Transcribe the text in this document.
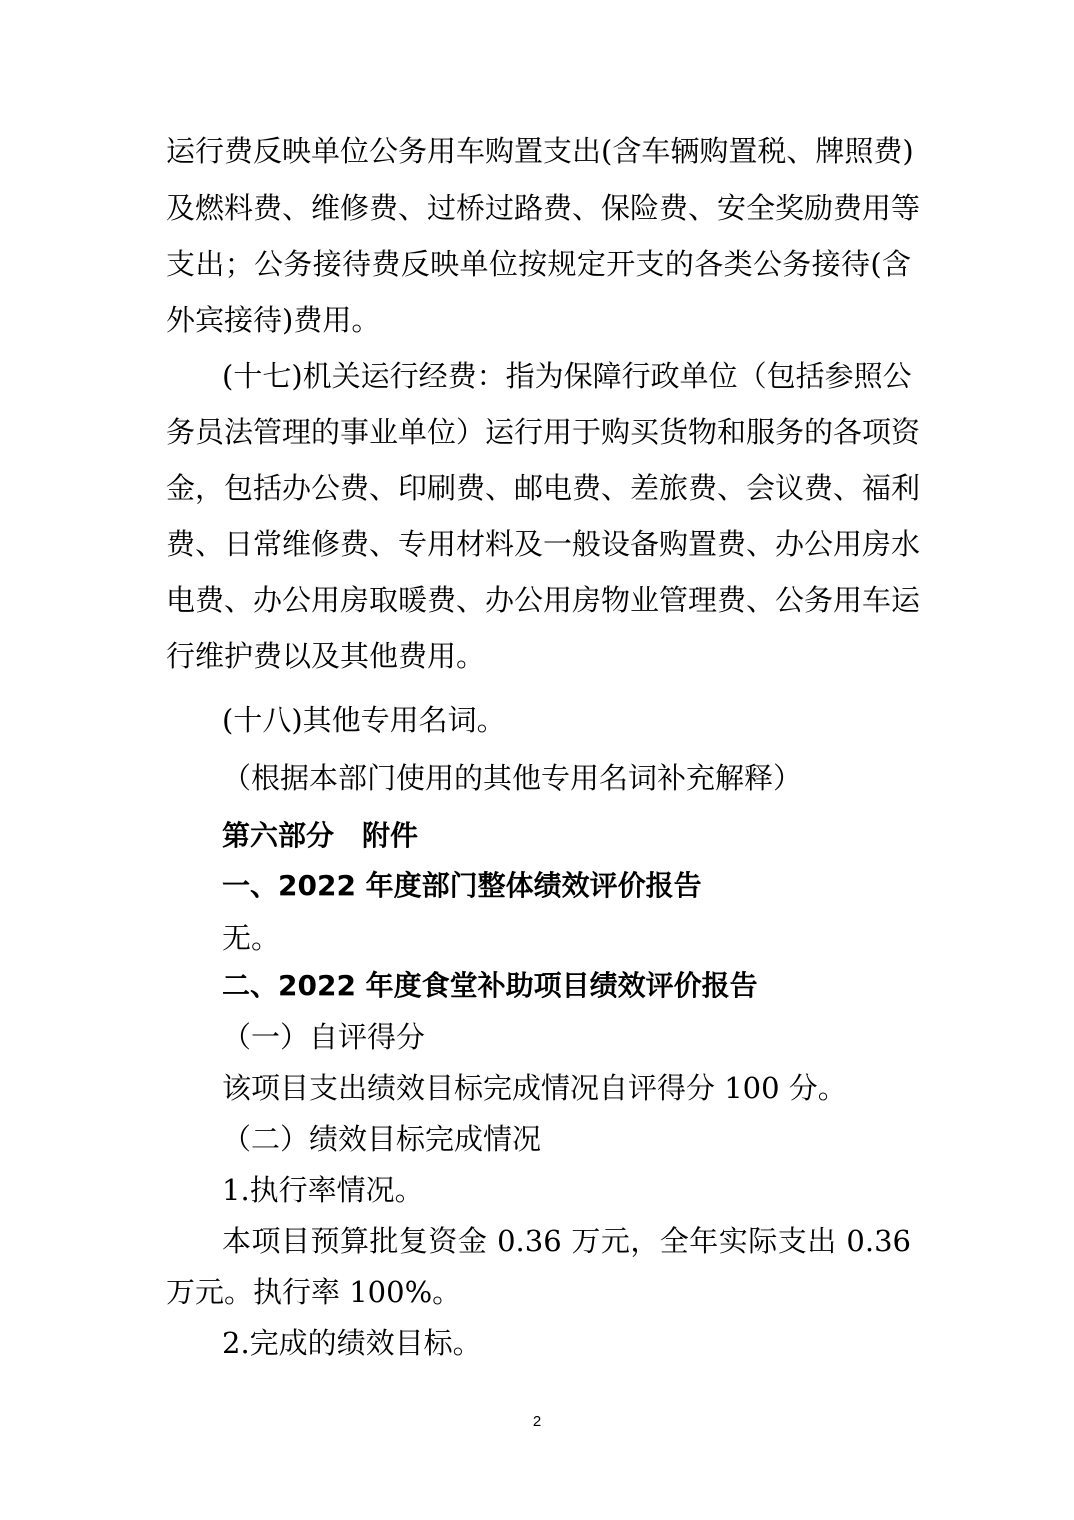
运行费反映单位公务用车购置支出(含车辆购置税、牌照费)
及燃料费、维修费、过桥过路费、保险费、安全奖励费用等
支出；公务接待费反映单位按规定开支的各类公务接待(含
外宾接待)费用。
(十七)机关运行经费：指为保障行政单位（包括参照公
务员法管理的事业单位）运行用于购买货物和服务的各项资
金，包括办公费、印刷费、邮电费、差旅费、会议费、福利
费、日常维修费、专用材料及一般设备购置费、办公用房水
电费、办公用房取暖费、办公用房物业管理费、公务用车运
行维护费以及其他费用。
(十八)其他专用名词。
（根据本部门使用的其他专用名词补充解释）
第六部分　附件
一、2022 年度部门整体绩效评价报告
无。
二、2022 年度食堂补助项目绩效评价报告
（一）自评得分
该项目支出绩效目标完成情况自评得分 100 分。
（二）绩效目标完成情况
1.执行率情况。
本项目预算批复资金 0.36 万元，全年实际支出 0.36
万元。执行率 100%。
2.完成的绩效目标。
2
